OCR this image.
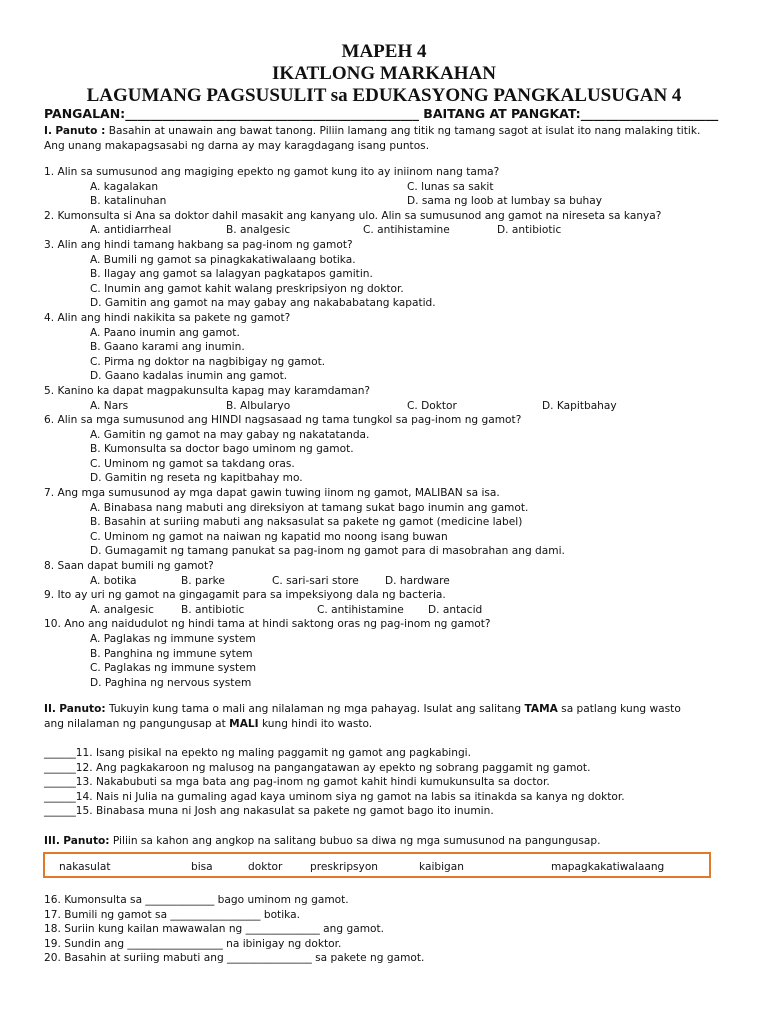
MAPEH 4
IKATLONG MARKAHAN
LAGUMANG PAGSUSULIT sa EDUKASYONG PANGKALUSUGAN 4
PANGALAN:_______________________________________________ BAITANG AT PANGKAT:______________________
I. Panuto : Basahin at unawain ang bawat tanong. Piliin lamang ang titik ng tamang sagot at isulat ito nang malaking titik.
Ang unang makapagsasabi ng darna ay may karagdagang isang puntos.
1. Alin sa sumusunod ang magiging epekto ng gamot kung ito ay iniinom nang tama?
A. kagalakan	C. lunas sa sakit
B. katalinuhan	D. sama ng loob at lumbay sa buhay
2. Kumonsulta si Ana sa doktor dahil masakit ang kanyang ulo. Alin sa sumusunod ang gamot na nireseta sa kanya?
A. antidiarrheal	B. analgesic	C. antihistamine	D. antibiotic
3. Alin ang hindi tamang hakbang sa pag-inom ng gamot?
A. Bumili ng gamot sa pinagkakatiwalaang botika.
B. Ilagay ang gamot sa lalagyan pagkatapos gamitin.
C. Inumin ang gamot kahit walang preskripsiyon ng doktor.
D. Gamitin ang gamot na may gabay ang nakababatang kapatid.
4. Alin ang hindi nakikita sa pakete ng gamot?
A. Paano inumin ang gamot.
B. Gaano karami ang inumin.
C. Pirma ng doktor na nagbibigay ng gamot.
D. Gaano kadalas inumin ang gamot.
5. Kanino ka dapat magpakunsulta kapag may karamdaman?
A. Nars	B. Albularyo	C. Doktor	D. Kapitbahay
6. Alin sa mga sumusunod ang HINDI nagsasaad ng tama tungkol sa pag-inom ng gamot?
A. Gamitin ng gamot na may gabay ng nakatatanda.
B. Kumonsulta sa doctor bago uminom ng gamot.
C. Uminom ng gamot sa takdang oras.
D. Gamitin ng reseta ng kapitbahay mo.
7. Ang mga sumusunod ay mga dapat gawin tuwing iinom ng gamot, MALIBAN sa isa.
A. Binabasa nang mabuti ang direksiyon at tamang sukat bago inumin ang gamot.
B. Basahin at suriing mabuti ang naksasulat sa pakete ng gamot (medicine label)
C. Uminom ng gamot na naiwan ng kapatid mo noong isang buwan
D. Gumagamit ng tamang panukat sa pag-inom ng gamot para di masobrahan ang dami.
8. Saan dapat bumili ng gamot?
A. botika	B. parke	C. sari-sari store D. hardware
9. Ito ay uri ng gamot na gingagamit para sa impeksiyong dala ng bacteria.
A. analgesic	B. antibiotic	C. antihistamine D. antacid
10. Ano ang naidudulot ng hindi tama at hindi saktong oras ng pag-inom ng gamot?
A. Paglakas ng immune system
B. Panghina ng immune sytem
C. Paglakas ng immune system
D. Paghina ng nervous system
II. Panuto: Tukuyin kung tama o mali ang nilalaman ng mga pahayag. Isulat ang salitang TAMA sa patlang kung wasto
ang nilalaman ng pangungusap at MALI kung hindi ito wasto.
______11. Isang pisikal na epekto ng maling paggamit ng gamot ang pagkabingi.
______12. Ang pagkakaroon ng malusog na pangangatawan ay epekto ng sobrang paggamit ng gamot.
______13. Nakabubuti sa mga bata ang pag-inom ng gamot kahit hindi kumukunsulta sa doctor.
______14. Nais ni Julia na gumaling agad kaya uminom siya ng gamot na labis sa itinakda sa kanya ng doktor.
______15. Binabasa muna ni Josh ang nakasulat sa pakete ng gamot bago ito inumin.
III. Panuto: Piliin sa kahon ang angkop na salitang bubuo sa diwa ng mga sumusunod na pangungusap.
nakasulat	bisa	doktor	preskripsyon	kaibigan	mapagkakatiwalaang
16. Kumonsulta sa _____________ bago uminom ng gamot.
17. Bumili ng gamot sa _________________ botika.
18. Suriin kung kailan mawawalan ng ______________ ang gamot.
19. Sundin ang __________________ na ibinigay ng doktor.
20. Basahin at suriing mabuti ang ________________ sa pakete ng gamot.
